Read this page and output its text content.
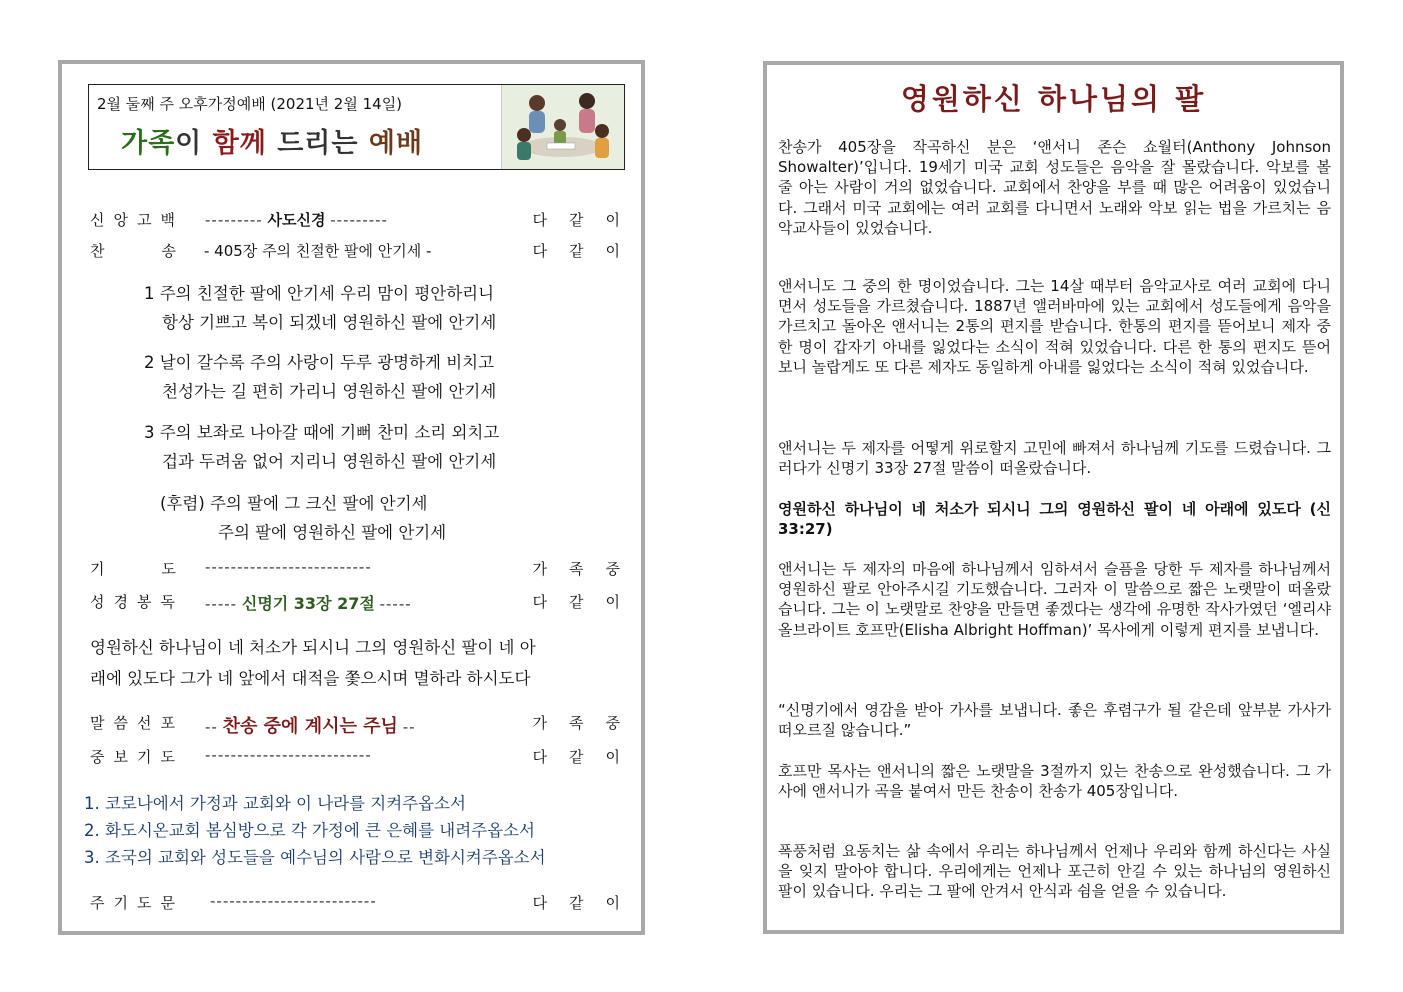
2월 둘째 주 오후가정예배 (2021년 2월 14일)
가족이 함께 드리는 예배
신앙고백 --------- 사도신경 ---------	다같이
찬　　송 - 405장 주의 친절한 팔에 안기세 -	다같이
1 주의 친절한 팔에 안기세 우리 맘이 평안하리니
항상 기쁘고 복이 되겠네 영원하신 팔에 안기세
2 날이 갈수록 주의 사랑이 두루 광명하게 비치고
천성가는 길 편히 가리니 영원하신 팔에 안기세
3 주의 보좌로 나아갈 때에 기뻐 찬미 소리 외치고
겁과 두려움 없어 지리니 영원하신 팔에 안기세
(후렴) 주의 팔에 그 크신 팔에 안기세
주의 팔에 영원하신 팔에 안기세
기　　도 --------------------------	가족중
성경봉독 ----- 신명기 33장 27절 -----	다같이
영원하신 하나님이 네 처소가 되시니 그의 영원하신 팔이 네 아
래에 있도다 그가 네 앞에서 대적을 쫓으시며 멸하라 하시도다
말씀선포 -- 찬송 중에 계시는 주님 --	가족중
중보기도 --------------------------	다같이
1. 코로나에서 가정과 교회와 이 나라를 지켜주옵소서
2. 화도시온교회 봄심방으로 각 가정에 큰 은혜를 내려주옵소서
3. 조국의 교회와 성도들을 예수님의 사람으로 변화시켜주옵소서
주기도문 --------------------------	다같이
영원하신 하나님의 팔
찬송가 405장을 작곡하신 분은 ‘앤서니 존슨 쇼월터(Anthony Johnson Showalter)’입니다. 19세기 미국 교회 성도들은 음악을 잘 몰랐습니다. 악보를 볼 줄 아는 사람이 거의 없었습니다. 교회에서 찬양을 부를 때 많은 어려움이 있었습니다. 그래서 미국 교회에는 여러 교회를 다니면서 노래와 악보 읽는 법을 가르치는 음악교사들이 있었습니다.
앤서니도 그 중의 한 명이었습니다. 그는 14살 때부터 음악교사로 여러 교회에 다니면서 성도들을 가르쳤습니다. 1887년 앨러바마에 있는 교회에서 성도들에게 음악을 가르치고 돌아온 앤서니는 2통의 편지를 받습니다. 한통의 편지를 뜯어보니 제자 중 한 명이 갑자기 아내를 잃었다는 소식이 적혀 있었습니다. 다른 한 통의 편지도 뜯어보니 놀랍게도 또 다른 제자도 동일하게 아내를 잃었다는 소식이 적혀 있었습니다.
앤서니는 두 제자를 어떻게 위로할지 고민에 빠져서 하나님께 기도를 드렸습니다. 그러다가 신명기 33장 27절 말씀이 떠올랐습니다.
영원하신 하나님이 네 처소가 되시니 그의 영원하신 팔이 네 아래에 있도다 (신 33:27)
앤서니는 두 제자의 마음에 하나님께서 임하셔서 슬픔을 당한 두 제자를 하나님께서 영원하신 팔로 안아주시길 기도했습니다. 그러자 이 말씀으로 짧은 노랫말이 떠올랐습니다. 그는 이 노랫말로 찬양을 만들면 좋겠다는 생각에 유명한 작사가였던 ‘엘리샤 올브라이트 호프만(Elisha Albright Hoffman)’ 목사에게 이렇게 편지를 보냅니다.
“신명기에서 영감을 받아 가사를 보냅니다. 좋은 후렴구가 될 같은데 앞부분 가사가 떠오르질 않습니다.”
호프만 목사는 앤서니의 짧은 노랫말을 3절까지 있는 찬송으로 완성했습니다. 그 가사에 앤서니가 곡을 붙여서 만든 찬송이 찬송가 405장입니다.
폭풍처럼 요동치는 삶 속에서 우리는 하나님께서 언제나 우리와 함께 하신다는 사실을 잊지 말아야 합니다. 우리에게는 언제나 포근히 안길 수 있는 하나님의 영원하신 팔이 있습니다. 우리는 그 팔에 안겨서 안식과 쉼을 얻을 수 있습니다.
